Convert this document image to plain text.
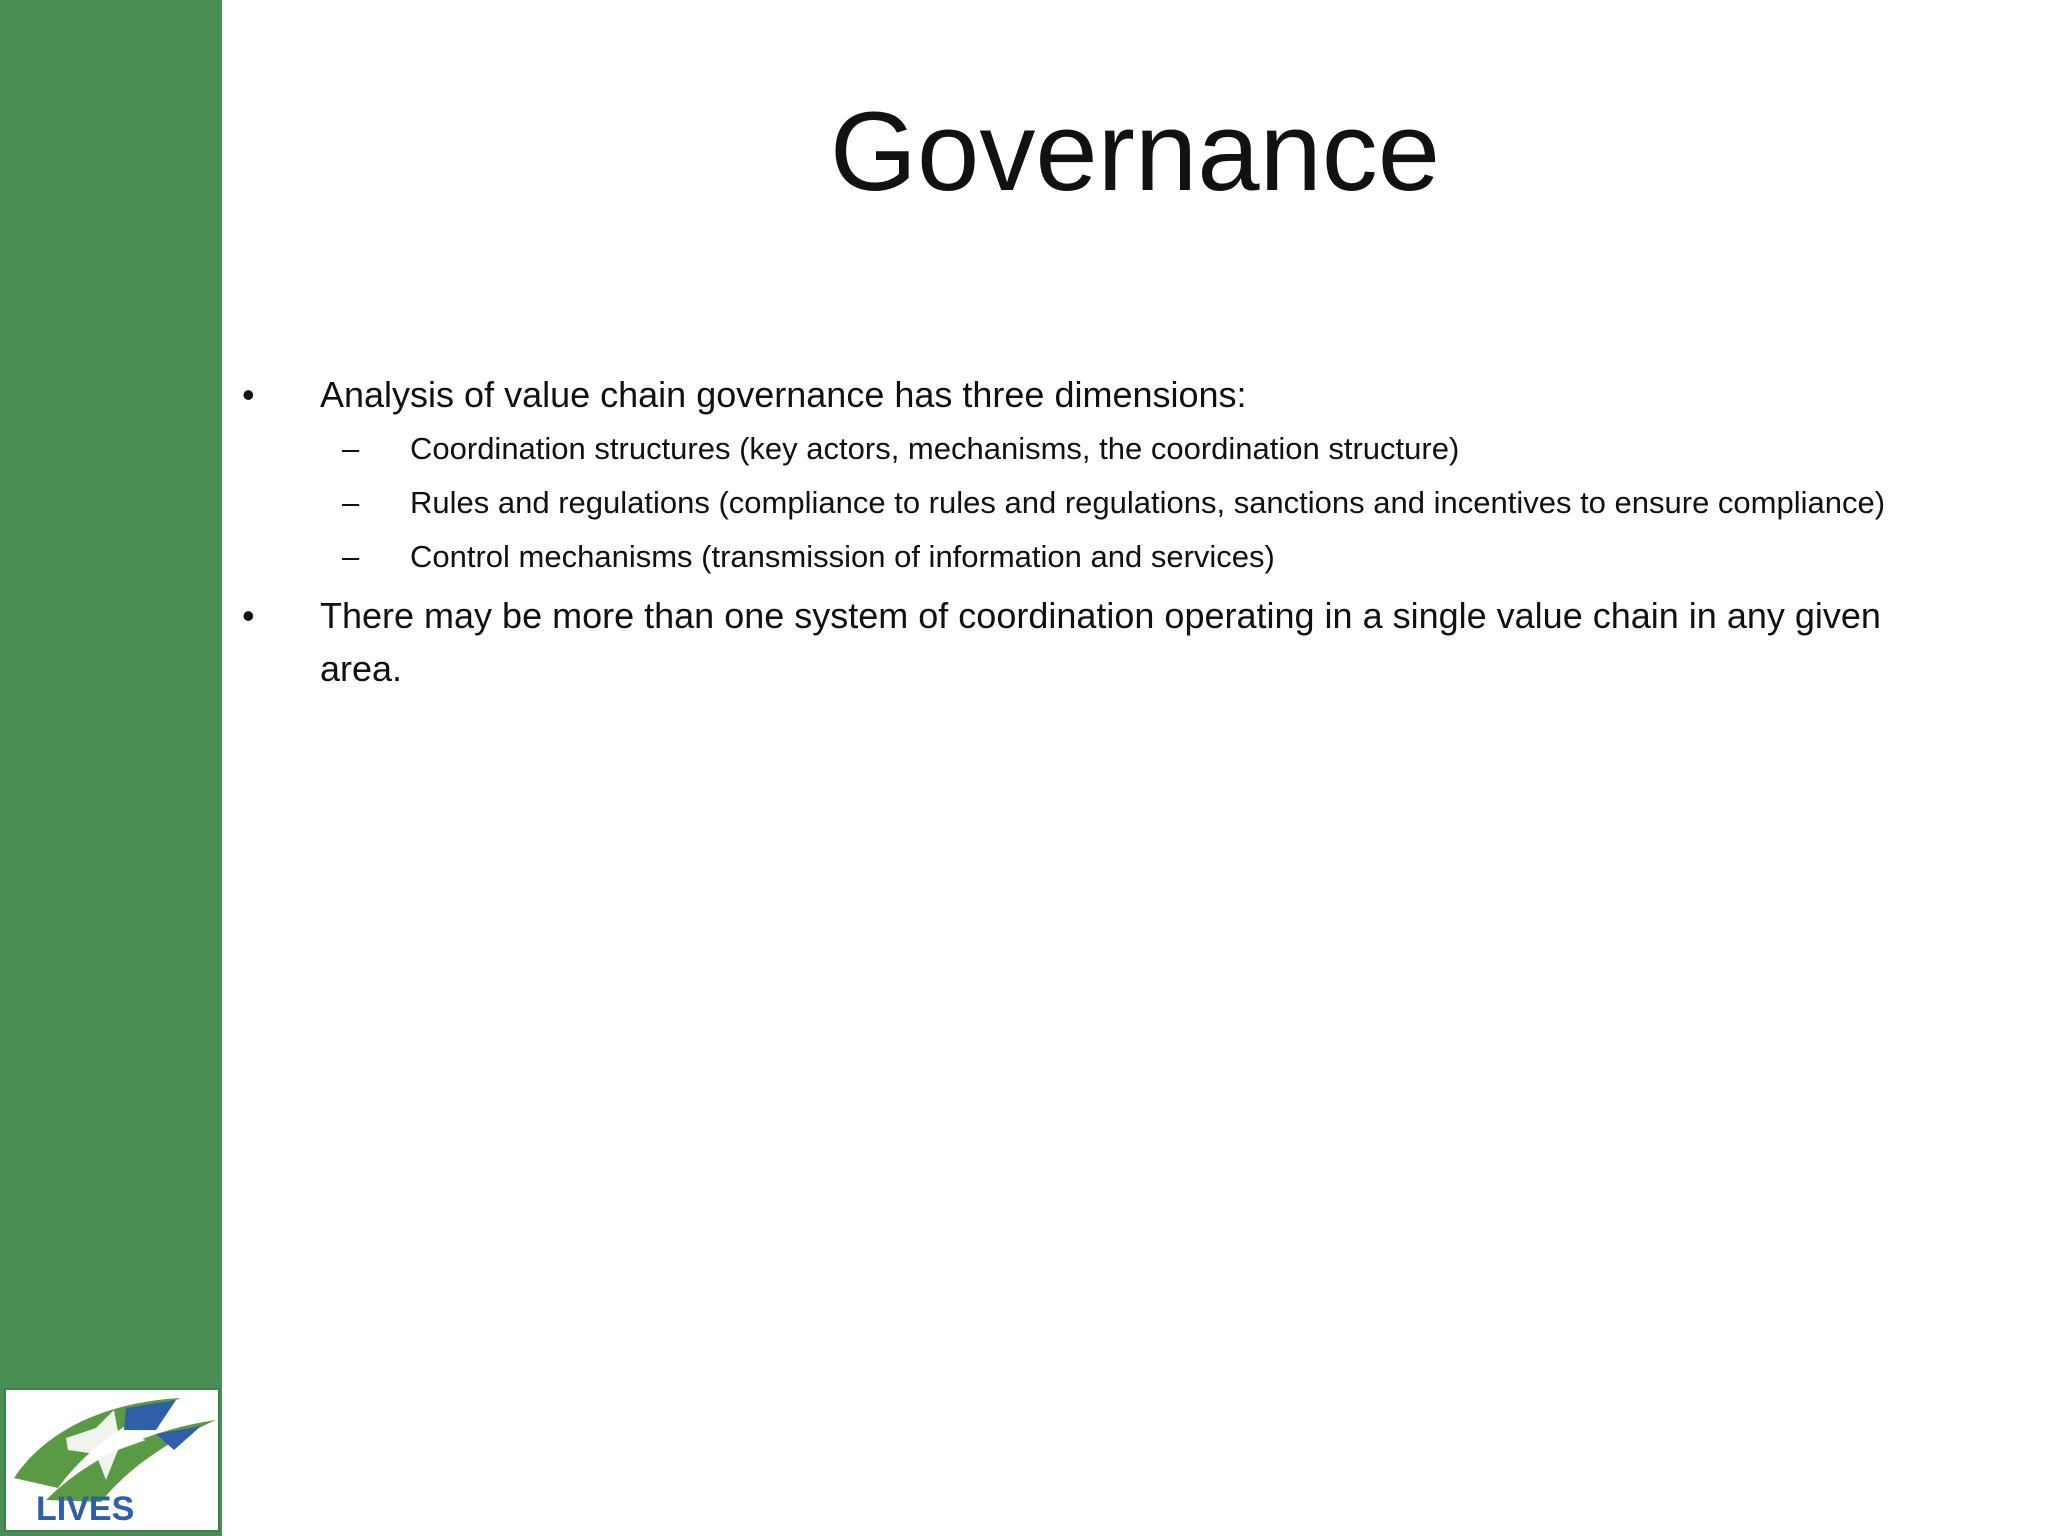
LIVES
Governance

• Analysis of value chain governance has three dimensions:

– Coordination structures (key actors, mechanisms, the coordination structure)

– Rules and regulations (compliance to rules and regulations, sanctions and incentives to ensure compliance)

– Control mechanisms (transmission of information and services)

• There may be more than one system of coordination operating in a single value chain in any given area.
